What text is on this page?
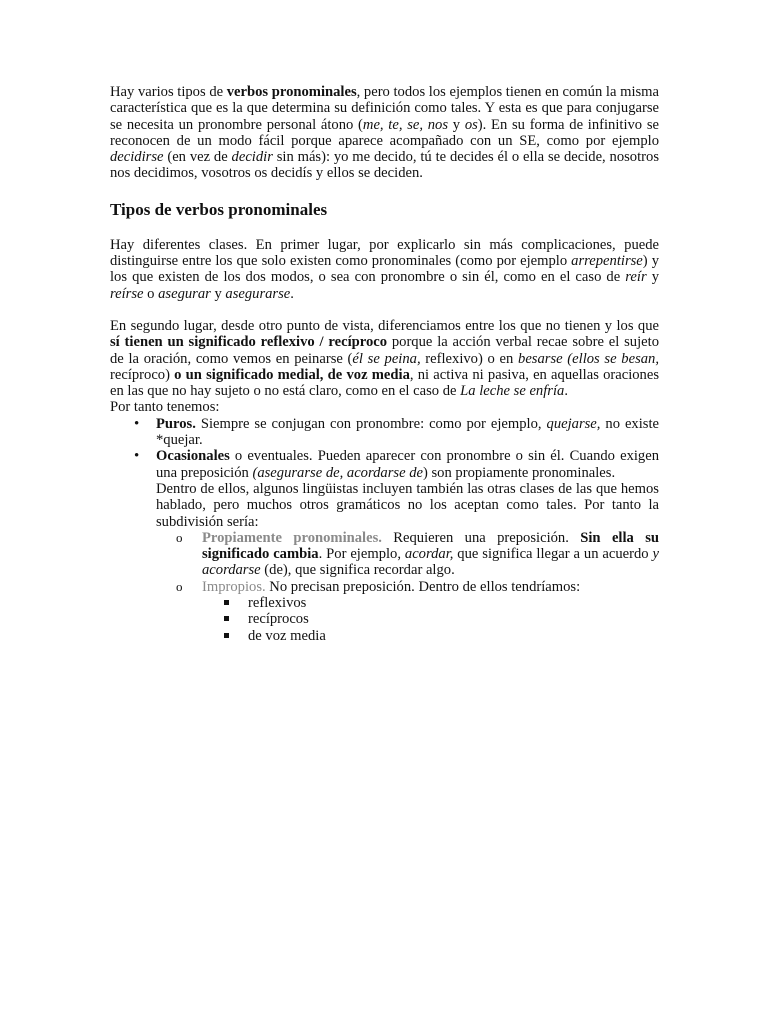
Hay varios tipos de verbos pronominales, pero todos los ejemplos tienen en común la misma característica que es la que determina su definición como tales. Y esta es que para conjugarse se necesita un pronombre personal átono (me, te, se, nos y os). En su forma de infinitivo se reconocen de un modo fácil porque aparece acompañado con un SE, como por ejemplo decidirse (en vez de decidir sin más): yo me decido, tú te decides él o ella se decide, nosotros nos decidimos, vosotros os decidís y ellos se deciden.

Tipos de verbos pronominales

Hay diferentes clases. En primer lugar, por explicarlo sin más complicaciones, puede distinguirse entre los que solo existen como pronominales (como por ejemplo arrepentirse) y los que existen de los dos modos, o sea con pronombre o sin él, como en el caso de reír y reírse o asegurar y asegurarse.

En segundo lugar, desde otro punto de vista, diferenciamos entre los que no tienen y los que sí tienen un significado reflexivo / recíproco porque la acción verbal recae sobre el sujeto de la oración, como vemos en peinarse (él se peina, reflexivo) o en besarse (ellos se besan, recíproco) o un significado medial, de voz media, ni activa ni pasiva, en aquellas oraciones en las que no hay sujeto o no está claro, como en el caso de La leche se enfría.

Por tanto tenemos:

• Puros. Siempre se conjugan con pronombre: como por ejemplo, quejarse, no existe *quejar.
• Ocasionales o eventuales. Pueden aparecer con pronombre o sin él. Cuando exigen una preposición (asegurarse de, acordarse de) son propiamente pronominales.
Dentro de ellos, algunos lingüistas incluyen también las otras clases de las que hemos hablado, pero muchos otros gramáticos no los aceptan como tales. Por tanto la subdivisión sería:
o Propiamente pronominales. Requieren una preposición. Sin ella su significado cambia. Por ejemplo, acordar, que significa llegar a un acuerdo y acordarse (de), que significa recordar algo.
o Impropios. No precisan preposición. Dentro de ellos tendríamos:
reflexivos
recíprocos
de voz media
